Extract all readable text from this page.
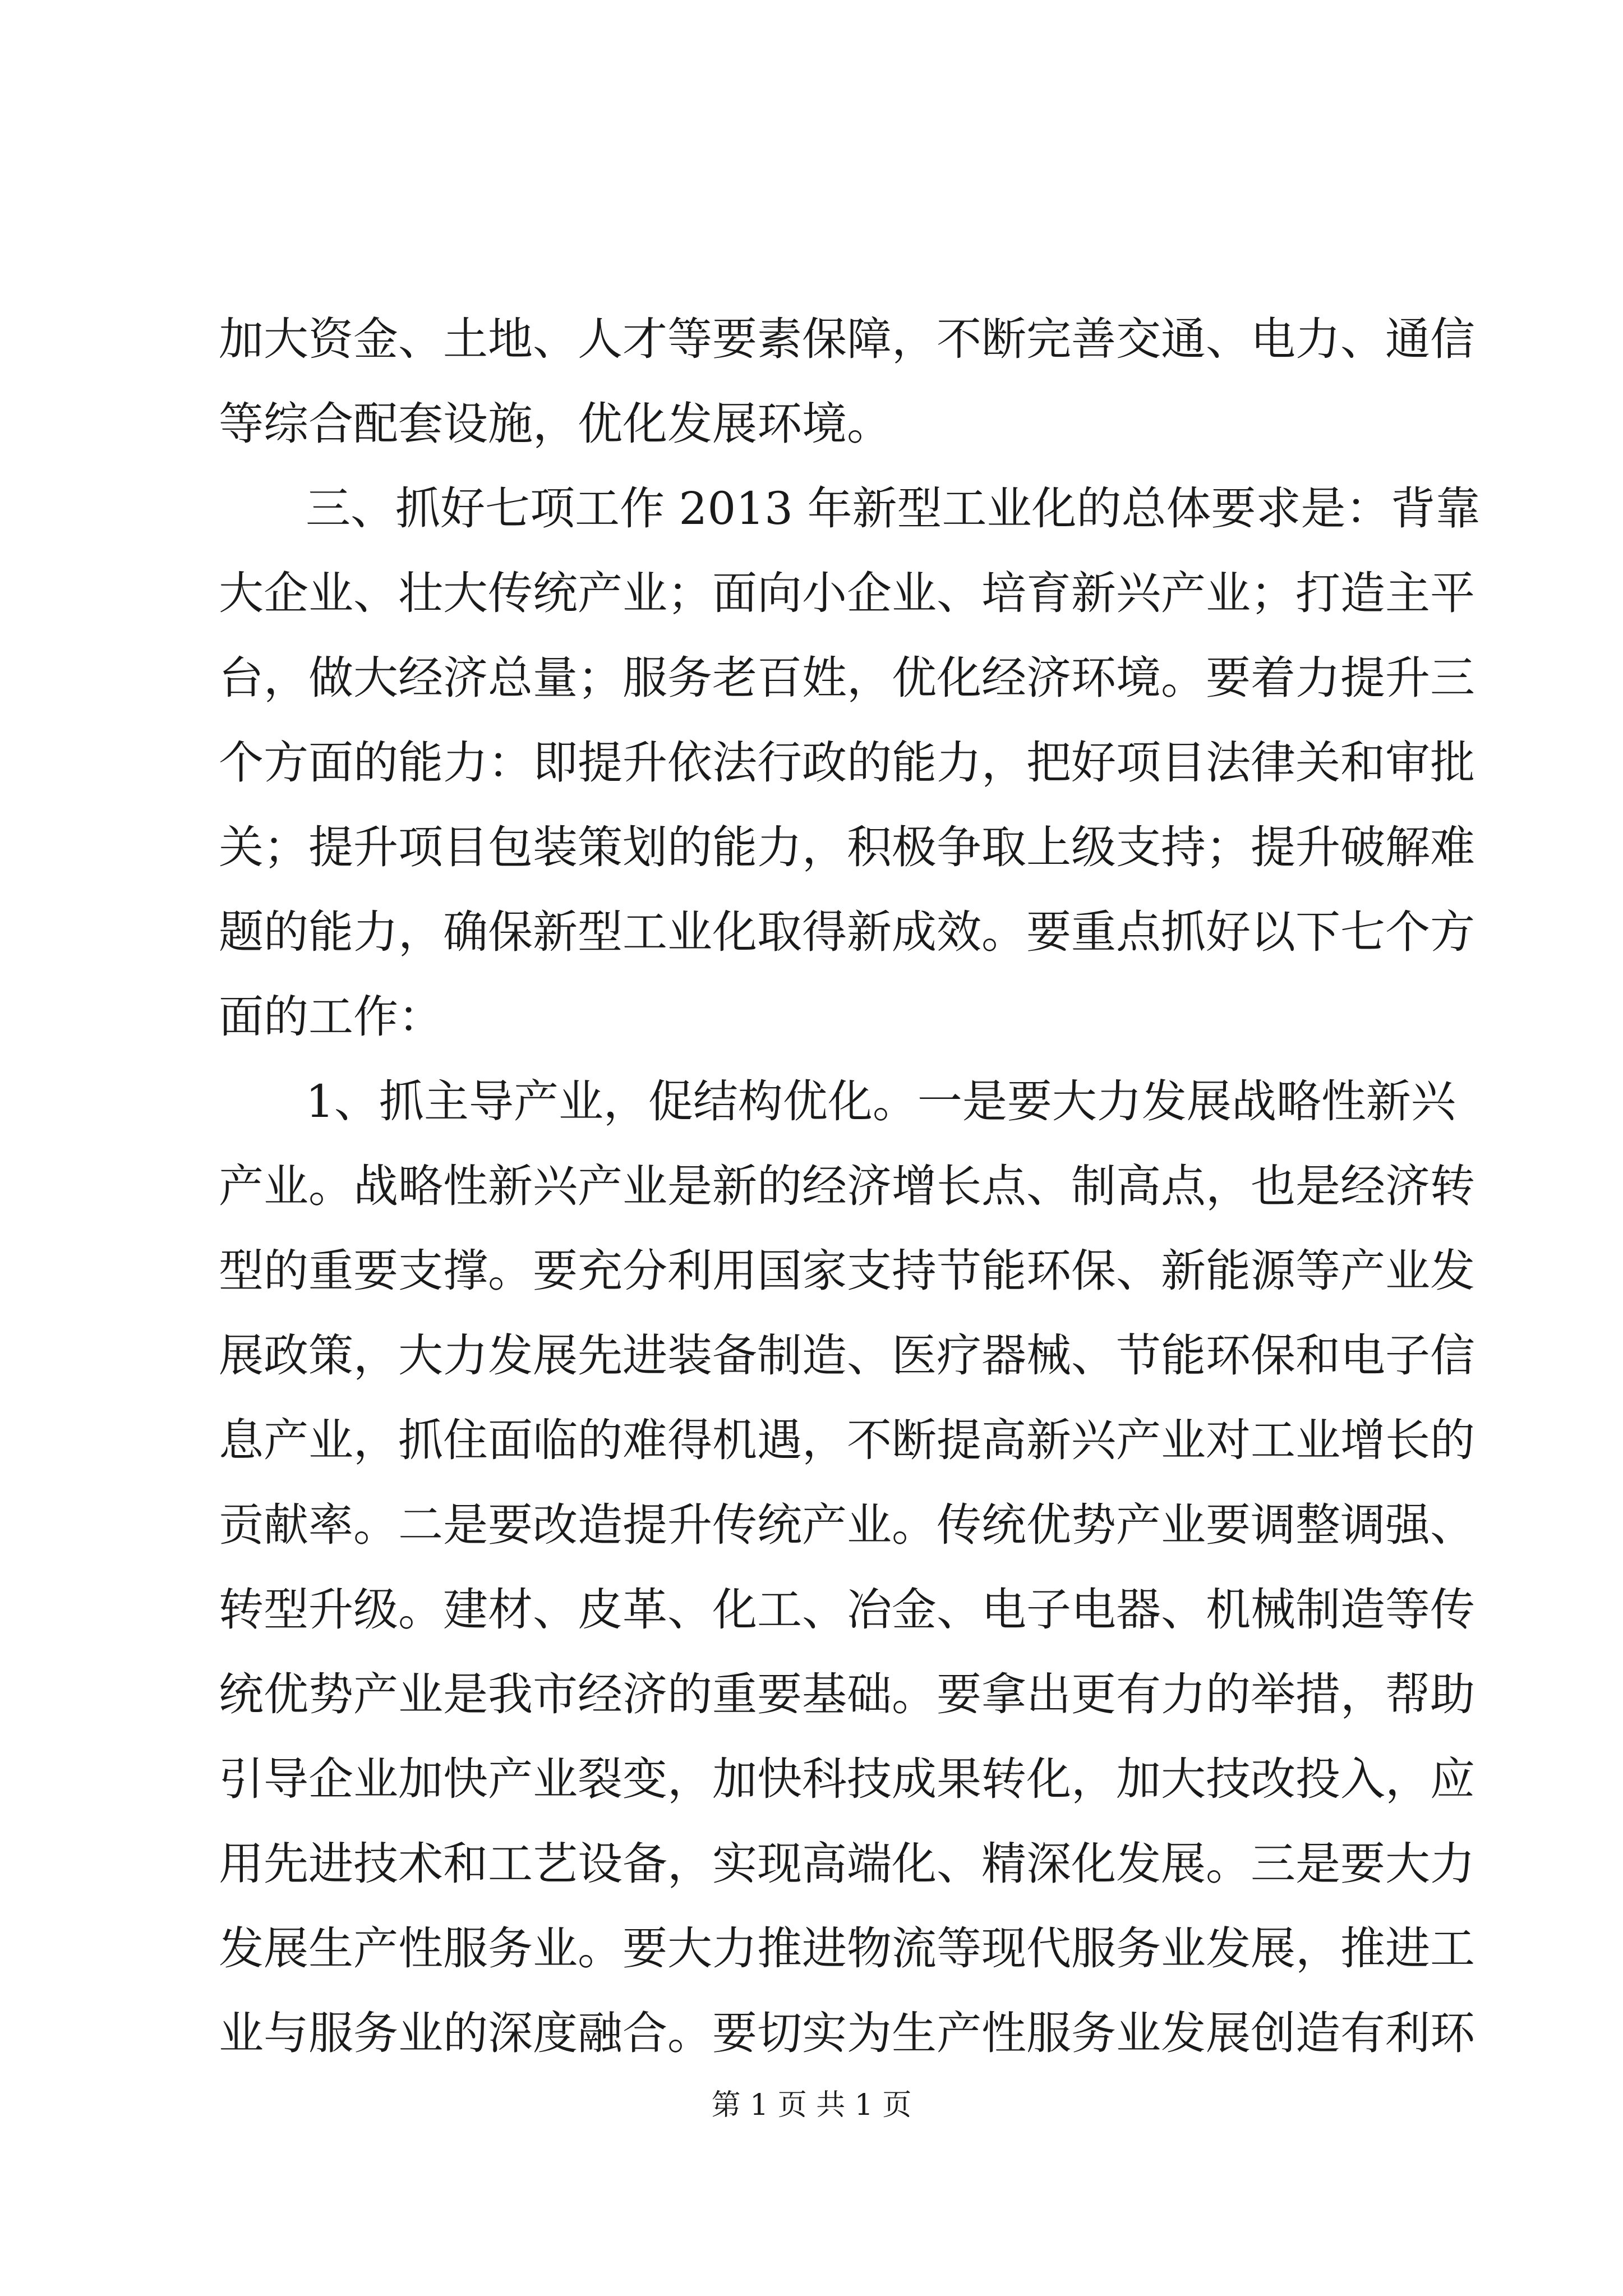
加大资金、土地、人才等要素保障，不断完善交通、电力、通信
等综合配套设施，优化发展环境。
三、抓好七项工作 2013 年新型工业化的总体要求是：背靠
大企业、壮大传统产业；面向小企业、培育新兴产业；打造主平
台，做大经济总量；服务老百姓，优化经济环境。要着力提升三
个方面的能力：即提升依法行政的能力，把好项目法律关和审批
关；提升项目包装策划的能力，积极争取上级支持；提升破解难
题的能力，确保新型工业化取得新成效。要重点抓好以下七个方
面的工作：
1、抓主导产业，促结构优化。一是要大力发展战略性新兴
产业。战略性新兴产业是新的经济增长点、制高点，也是经济转
型的重要支撑。要充分利用国家支持节能环保、新能源等产业发
展政策，大力发展先进装备制造、医疗器械、节能环保和电子信
息产业，抓住面临的难得机遇，不断提高新兴产业对工业增长的
贡献率。二是要改造提升传统产业。传统优势产业要调整调强、
转型升级。建材、皮革、化工、冶金、电子电器、机械制造等传
统优势产业是我市经济的重要基础。要拿出更有力的举措，帮助
引导企业加快产业裂变，加快科技成果转化，加大技改投入，应
用先进技术和工艺设备，实现高端化、精深化发展。三是要大力
发展生产性服务业。要大力推进物流等现代服务业发展，推进工
业与服务业的深度融合。要切实为生产性服务业发展创造有利环
第 1 页 共 1 页
